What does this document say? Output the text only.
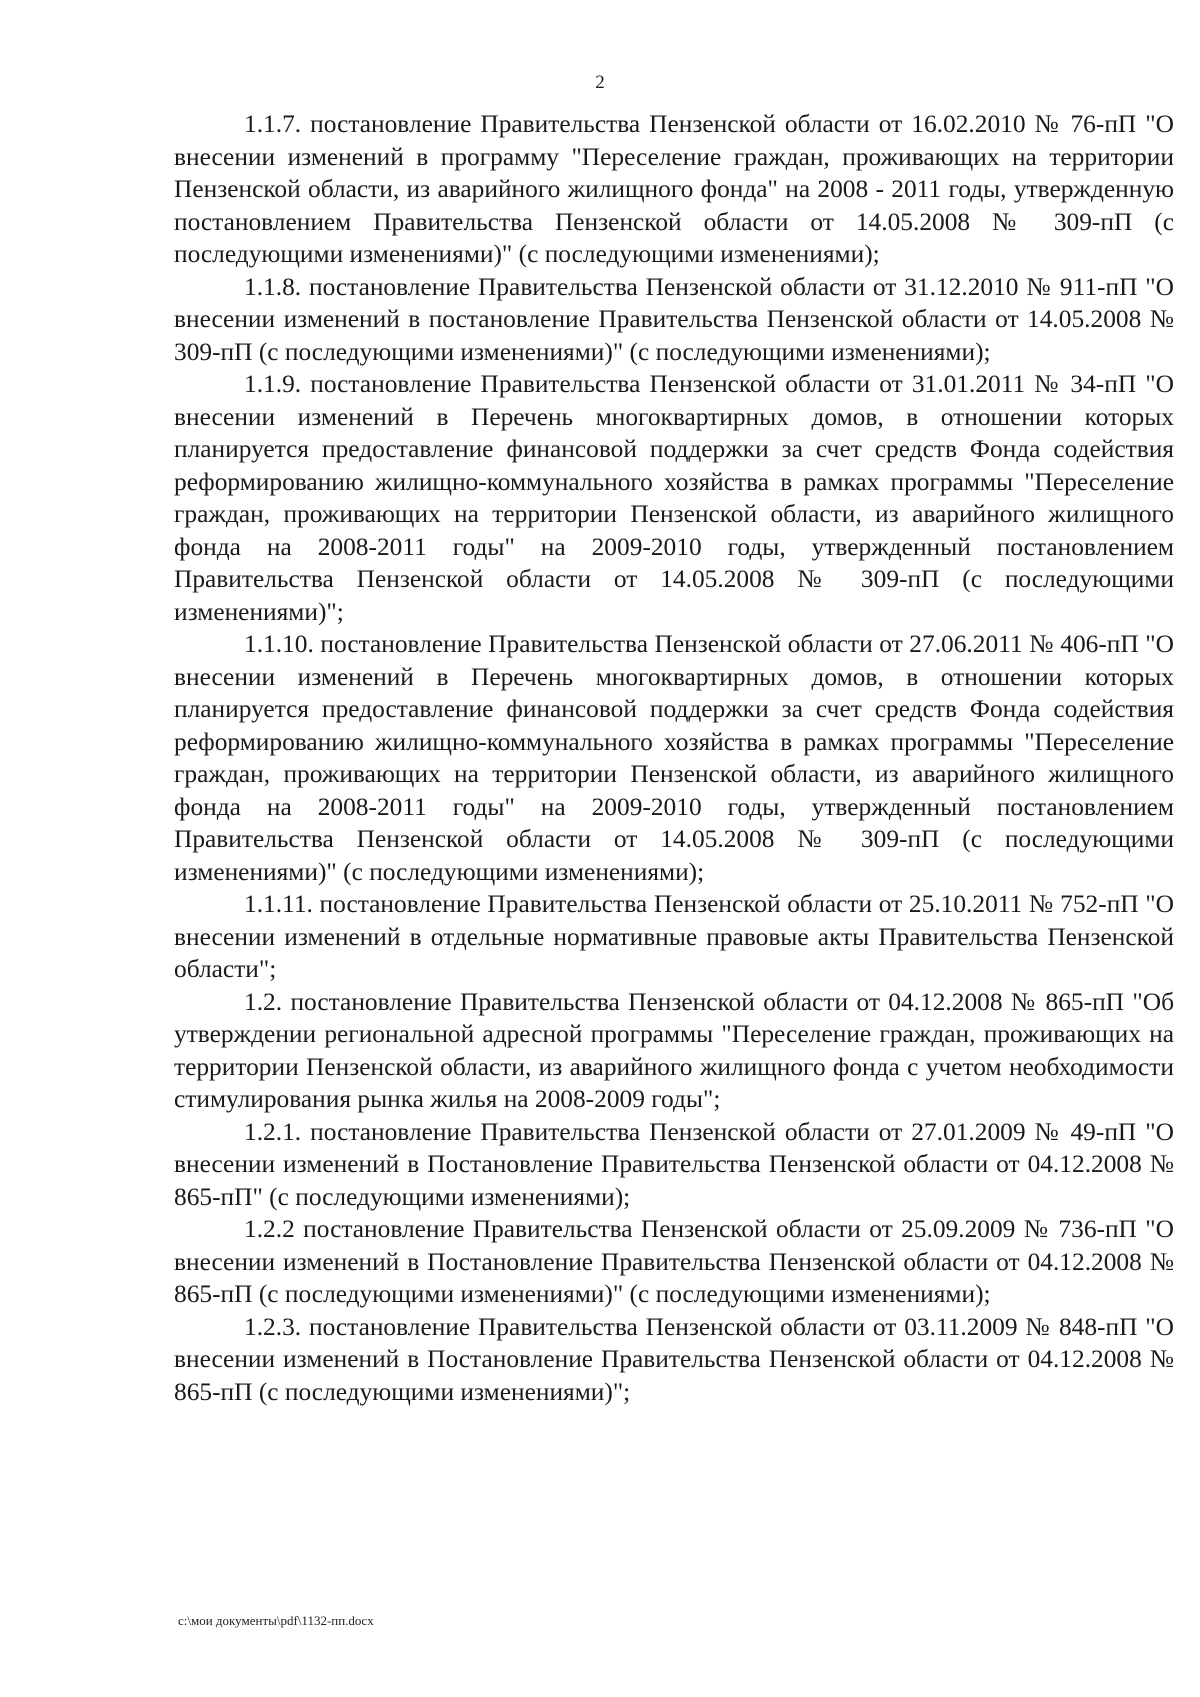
2

1.1.7. постановление Правительства Пензенской области от 16.02.2010 № 76-пП "О внесении изменений в программу "Переселение граждан, проживающих на территории Пензенской области, из аварийного жилищного фонда" на 2008 - 2011 годы, утвержденную постановлением Правительства Пензенской области от 14.05.2008 № 309-пП (с последующими изменениями)" (с последующими изменениями);

1.1.8. постановление Правительства Пензенской области от 31.12.2010 № 911-пП "О внесении изменений в постановление Правительства Пензенской области от 14.05.2008 № 309-пП (с последующими изменениями)" (с последующими изменениями);

1.1.9. постановление Правительства Пензенской области от 31.01.2011 № 34-пП "О внесении изменений в Перечень многоквартирных домов, в отношении которых планируется предоставление финансовой поддержки за счет средств Фонда содействия реформированию жилищно-коммунального хозяйства в рамках программы "Переселение граждан, проживающих на территории Пензенской области, из аварийного жилищного фонда на 2008-2011 годы" на 2009-2010 годы, утвержденный постановлением Правительства Пензенской области от 14.05.2008 № 309-пП (с последующими изменениями)";

1.1.10. постановление Правительства Пензенской области от 27.06.2011 № 406-пП "О внесении изменений в Перечень многоквартирных домов, в отношении которых планируется предоставление финансовой поддержки за счет средств Фонда содействия реформированию жилищно-коммунального хозяйства в рамках программы "Переселение граждан, проживающих на территории Пензенской области, из аварийного жилищного фонда на 2008-2011 годы" на 2009-2010 годы, утвержденный постановлением Правительства Пензенской области от 14.05.2008 № 309-пП (с последующими изменениями)" (с последующими изменениями);

1.1.11. постановление Правительства Пензенской области от 25.10.2011 № 752-пП "О внесении изменений в отдельные нормативные правовые акты Правительства Пензенской области";

1.2. постановление Правительства Пензенской области от 04.12.2008 № 865-пП "Об утверждении региональной адресной программы "Переселение граждан, проживающих на территории Пензенской области, из аварийного жилищного фонда с учетом необходимости стимулирования рынка жилья на 2008-2009 годы";

1.2.1. постановление Правительства Пензенской области от 27.01.2009 № 49-пП "О внесении изменений в Постановление Правительства Пензенской области от 04.12.2008 № 865-пП" (с последующими изменениями);

1.2.2 постановление Правительства Пензенской области от 25.09.2009 № 736-пП "О внесении изменений в Постановление Правительства Пензенской области от 04.12.2008 № 865-пП (с последующими изменениями)" (с последующими изменениями);

1.2.3. постановление Правительства Пензенской области от 03.11.2009 № 848-пП "О внесении изменений в Постановление Правительства Пензенской области от 04.12.2008 № 865-пП (с последующими изменениями)";

c:\мои документы\pdf\1132-пп.docx
